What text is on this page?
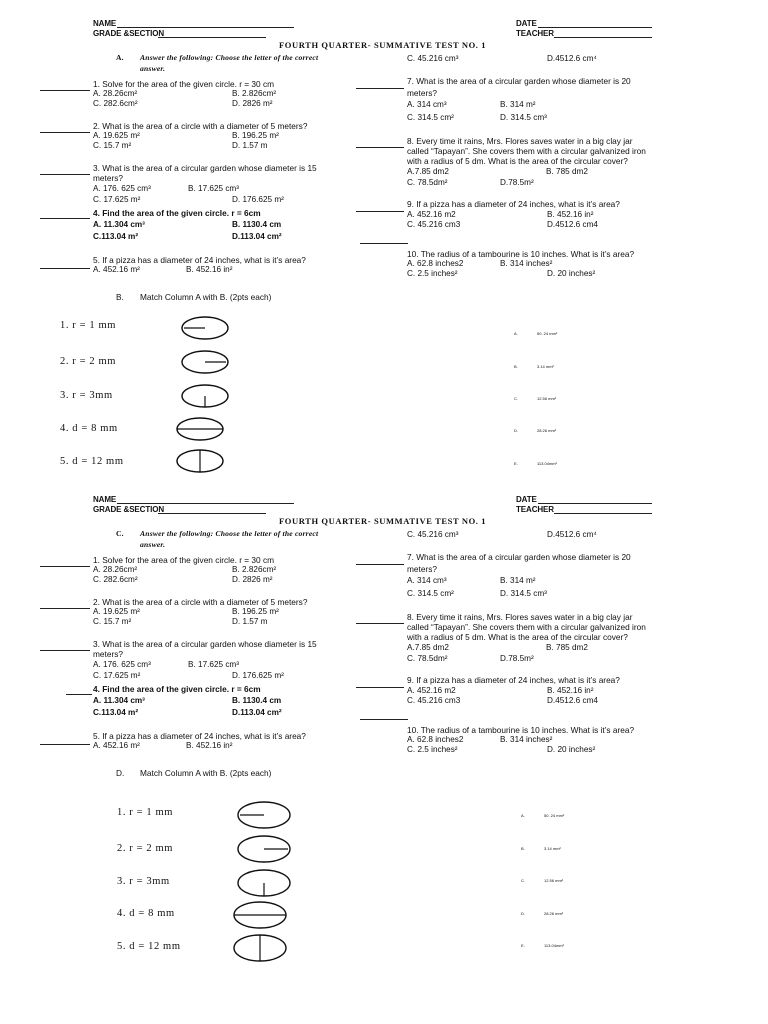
NAME
GRADE &SECTION
DATE
TEACHER
FOURTH QUARTER- SUMMATIVE TEST NO. 1
A. Answer the following: Choose the letter of the correct
answer.
1. Solve for the area of the given circle. r = 30 cm
A. 28.26cm²	B. 2.826cm²
C. 282.6cm²	D. 2826 m²
2. What is the area of a circle with a diameter of 5 meters?
A. 19.625 m²	B. 196.25 m²
C. 15.7 m²	D. 1.57 m
3. What is the area of a circular garden whose diameter is 15
meters?
A. 176. 625 cm³	B. 17.625 cm³
C. 17.625 m²	D. 176.625 m²
4. Find the area of the given circle. r = 6cm
A. 11.304 cm³	B. 1130.4 cm
C.113.04 m²	D.113.04 cm²
5. If a pizza has a diameter of 24 inches, what is it’s area?
A. 452.16 m²	B. 452.16 in²
C. 45.216 cm³	D.4512.6 cm⁴
7. What is the area of a circular garden whose diameter is 20
meters?
A. 314 cm³	B. 314 m²
C. 314.5 cm²	D. 314.5 cm³
8. Every time it rains, Mrs. Flores saves water in a big clay jar
called “Tapayan”. She covers them with a circular galvanized iron
with a radius of 5 dm. What is the area of the circular cover?
A.7.85 dm2	B. 785 dm2
C. 78.5dm²	D.78.5m²
9. If a pizza has a diameter of 24 inches, what is it’s area?
A. 452.16 m2	B. 452.16 in²
C. 45.216 cm3	D.4512.6 cm4
10. The radius of a tambourine is 10 inches. What is it’s area?
A. 62.8 inches2	B. 314 inches²
C. 2.5 inches²	D. 20 inches²
B. Match Column A with B. (2pts each)
1. r = 1 mm
2. r = 2 mm
3. r = 3mm
4. d = 8 mm
5. d = 12 mm
A.	50. 24 mm²
B.	3.14 mm²
C.	12.56 mm²
D.	28.26 mm²
E.	113.04mm²
NAME
GRADE &SECTION
DATE
TEACHER
FOURTH QUARTER- SUMMATIVE TEST NO. 1
C. Answer the following: Choose the letter of the correct
answer.
1. Solve for the area of the given circle. r = 30 cm
A. 28.26cm²	B. 2.826cm²
C. 282.6cm²	D. 2826 m²
2. What is the area of a circle with a diameter of 5 meters?
A. 19.625 m²	B. 196.25 m²
C. 15.7 m²	D. 1.57 m
3. What is the area of a circular garden whose diameter is 15
meters?
A. 176. 625 cm³	B. 17.625 cm³
C. 17.625 m²	D. 176.625 m²
4. Find the area of the given circle. r = 6cm
A. 11.304 cm³	B. 1130.4 cm
C.113.04 m²	D.113.04 cm²
5. If a pizza has a diameter of 24 inches, what is it’s area?
A. 452.16 m²	B. 452.16 in²
C. 45.216 cm³	D.4512.6 cm⁴
7. What is the area of a circular garden whose diameter is 20
meters?
A. 314 cm³	B. 314 m²
C. 314.5 cm²	D. 314.5 cm³
8. Every time it rains, Mrs. Flores saves water in a big clay jar
called “Tapayan”. She covers them with a circular galvanized iron
with a radius of 5 dm. What is the area of the circular cover?
A.7.85 dm2	B. 785 dm2
C. 78.5dm²	D.78.5m²
9. If a pizza has a diameter of 24 inches, what is it’s area?
A. 452.16 m2	B. 452.16 in²
C. 45.216 cm3	D.4512.6 cm4
10. The radius of a tambourine is 10 inches. What is it’s area?
A. 62.8 inches2	B. 314 inches²
C. 2.5 inches²	D. 20 inches²
D. Match Column A with B. (2pts each)
1. r = 1 mm
2. r = 2 mm
3. r = 3mm
4. d = 8 mm
5. d = 12 mm
A.	50. 24 mm²
B.	3.14 mm²
C.	12.56 mm²
D.	28.26 mm²
E.	113.04mm²
